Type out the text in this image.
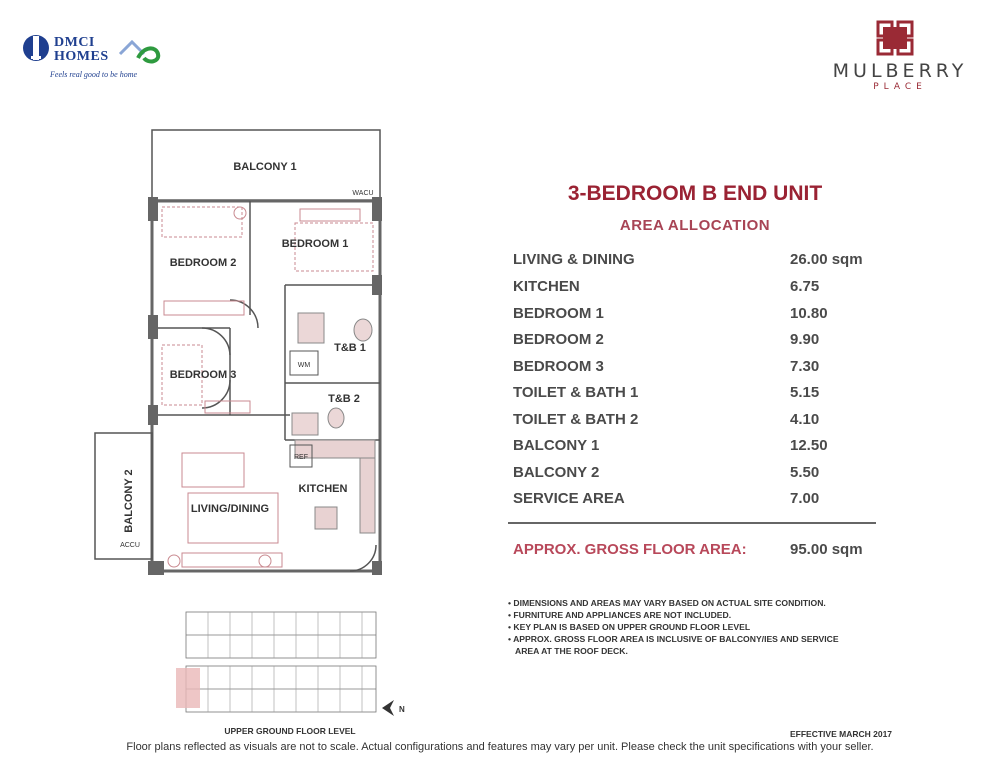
DMCI
HOMES
Feels real good to be home	MULBERRY
PLACE
BALCONY 1
BEDROOM 1
BEDROOM 2
BEDROOM 3
T&B 1
T&B 2
KITCHEN
LIVING/DINING
BALCONY 2
WM
REF
WACU
ACCU
UPPER GROUND FLOOR LEVEL
N
3-BEDROOM B END UNIT
AREA ALLOCATION
LIVING & DINING	26.00 sqm
KITCHEN	6.75
BEDROOM 1	10.80
BEDROOM 2	9.90
BEDROOM 3	7.30
TOILET & BATH 1	5.15
TOILET & BATH 2	4.10
BALCONY 1	12.50
BALCONY 2	5.50
SERVICE AREA	7.00
APPROX. GROSS FLOOR AREA:	95.00 sqm
• DIMENSIONS AND AREAS MAY VARY BASED ON ACTUAL SITE CONDITION.
• FURNITURE AND APPLIANCES ARE NOT INCLUDED.
• KEY PLAN IS BASED ON UPPER GROUND FLOOR LEVEL
• APPROX. GROSS FLOOR AREA IS INCLUSIVE OF BALCONY/IES AND SERVICE
AREA AT THE ROOF DECK.
EFFECTIVE MARCH 2017
Floor plans reflected as visuals are not to scale. Actual configurations and features may vary per unit. Please check the unit specifications with your seller.
